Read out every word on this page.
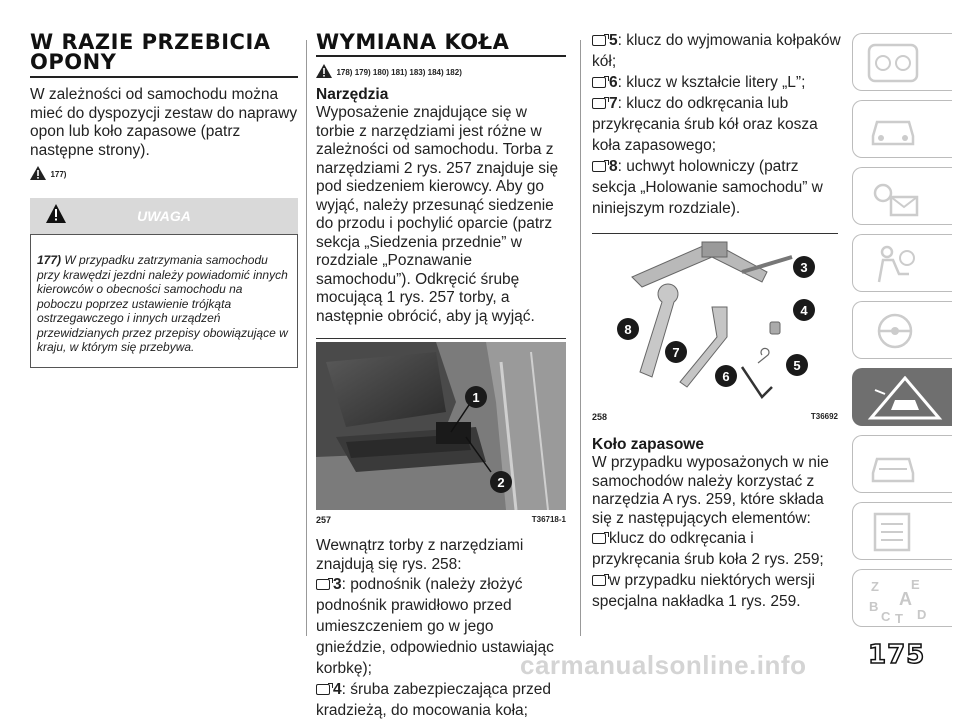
W RAZIE PRZEBICIA
OPONY
W zależności od samochodu można mieć do dyspozycji zestaw do naprawy opon lub koło zapasowe (patrz następne strony).
177)
UWAGA
177) W przypadku zatrzymania samochodu przy krawędzi jezdni należy powiadomić innych kierowców o obecności samochodu na poboczu poprzez ustawienie trójkąta ostrzegawczego i innych urządzeń przewidzianych przez przepisy obowiązujące w kraju, w którym się przebywa.
WYMIANA KOŁA
178) 179) 180) 181) 183) 184) 182)
Narzędzia
Wyposażenie znajdujące się w torbie z narzędziami jest różne w zależności od samochodu. Torba z narzędziami 2 rys. 257 znajduje się pod siedzeniem kierowcy. Aby go wyjąć, należy przesunąć siedzenie do przodu i pochylić oparcie (patrz sekcja „Siedzenia przednie” w rozdziale „Poznawanie samochodu”). Odkręcić śrubę mocującą 1 rys. 257 torby, a następnie obrócić, aby ją wyjąć.
1
2
257	T36718-1
Wewnątrz torby z narzędziami znajdują się rys. 258:
3: podnośnik (należy złożyć podnośnik prawidłowo przed umieszczeniem go w jego gnieździe, odpowiednio ustawiając korbkę);
4: śruba zabezpieczająca przed kradzieżą, do mocowania koła;
5: klucz do wyjmowania kołpaków kół;
6: klucz w kształcie litery „L”;
7: klucz do odkręcania lub przykręcania śrub kół oraz kosza koła zapasowego;
8: uchwyt holowniczy (patrz sekcja „Holowanie samochodu” w niniejszym rozdziale).
3
4
5
6
7
8
258	T36692
Koło zapasowe
W przypadku wyposażonych w nie samochodów należy korzystać z narzędzia A rys. 259, które składa się z następujących elementów:
klucz do odkręcania i przykręcania śrub koła 2 rys. 259;
w przypadku niektórych wersji specjalna nakładka 1 rys. 259.
Z E
B A
C T D
175
carmanualsonline.info
